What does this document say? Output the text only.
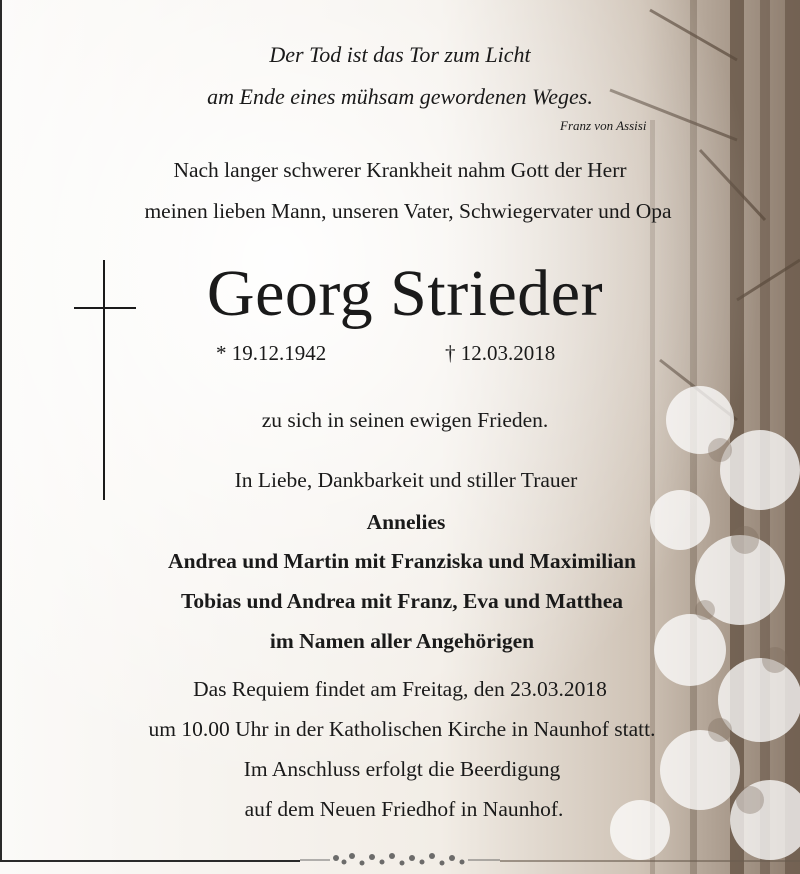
Der Tod ist das Tor zum Licht
am Ende eines mühsam gewordenen Weges.
Franz von Assisi
Nach langer schwerer Krankheit nahm Gott der Herr
meinen lieben Mann, unseren Vater, Schwiegervater und Opa
Georg Strieder
* 19.12.1942	† 12.03.2018
zu sich in seinen ewigen Frieden.
In Liebe, Dankbarkeit und stiller Trauer
Annelies
Andrea und Martin mit Franziska und Maximilian
Tobias und Andrea mit Franz, Eva und Matthea
im Namen aller Angehörigen
Das Requiem findet am Freitag, den 23.03.2018
um 10.00 Uhr in der Katholischen Kirche in Naunhof statt.
Im Anschluss erfolgt die Beerdigung
auf dem Neuen Friedhof in Naunhof.
